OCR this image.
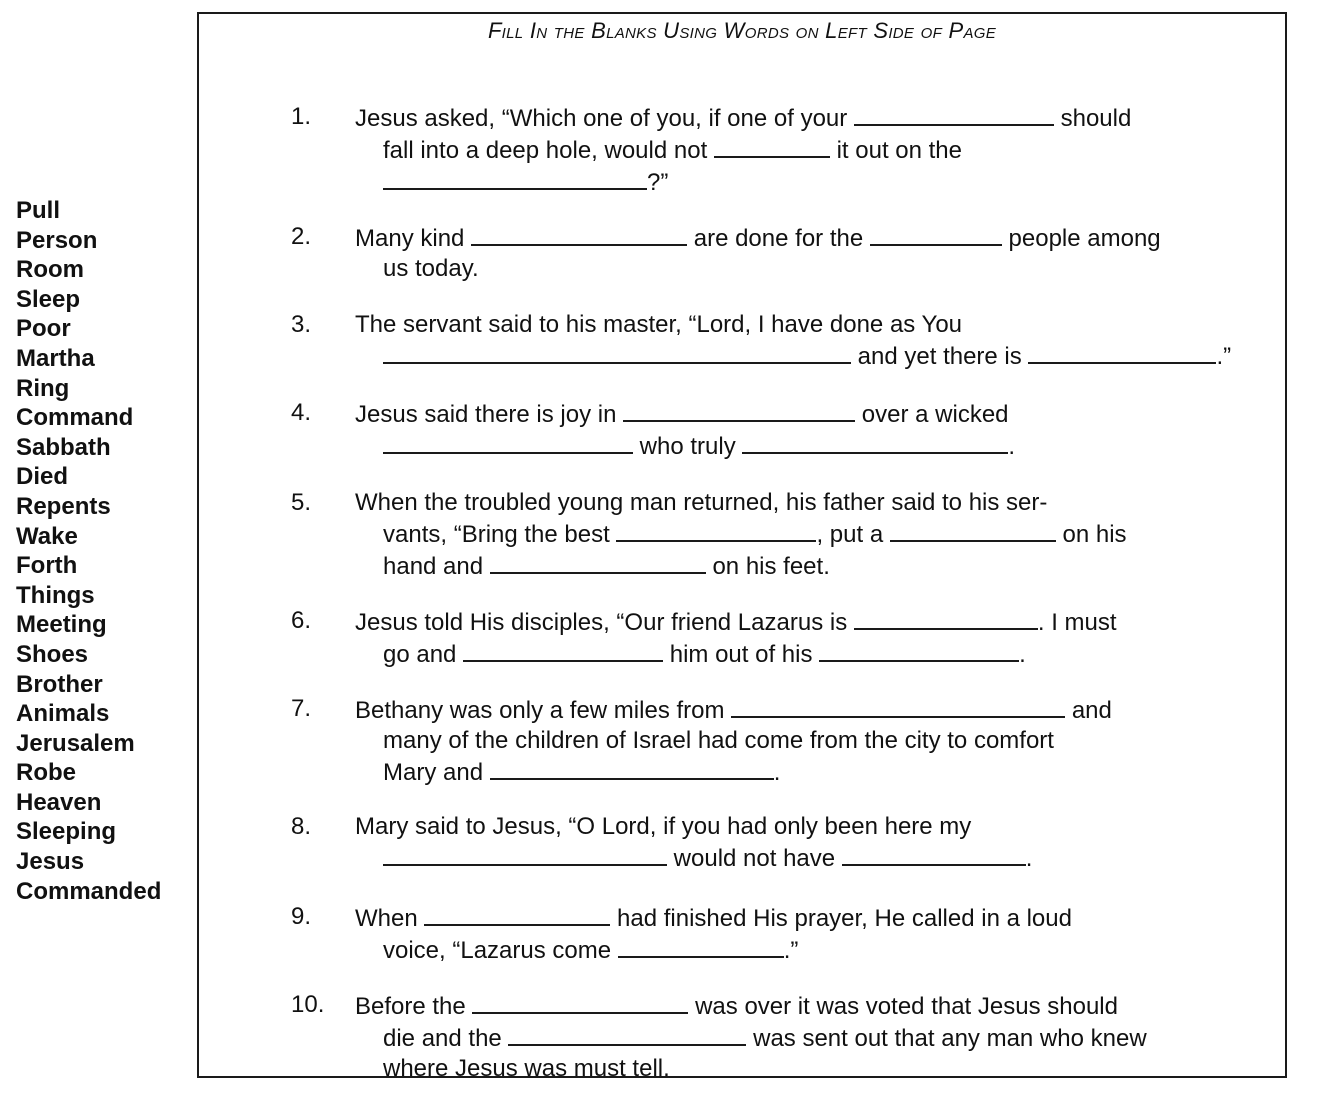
Pull
Person
Room
Sleep
Poor
Martha
Ring
Command
Sabbath
Died
Repents
Wake
Forth
Things
Meeting
Shoes
Brother
Animals
Jerusalem
Robe
Heaven
Sleeping
Jesus
Commanded
Fill In the Blanks Using Words on Left Side of Page
1.	Jesus asked, “Which one of you, if one of your	should
fall into a deep hole, would not	it out on the
?”
2.	Many kind	are done for the	people among
us today.
3.	The servant said to his master, “Lord, I have done as You
and yet there is	.”
4.	Jesus said there is joy in	over a wicked
who truly	.
5.	When the troubled young man returned, his father said to his ser-
vants, “Bring the best	, put a	on his
hand and	on his feet.
6.	Jesus told His disciples, “Our friend Lazarus is	. I must
go and	him out of his	.
7.	Bethany was only a few miles from	and
many of the children of Israel had come from the city to comfort
Mary and	.
8.	Mary said to Jesus, “O Lord, if you had only been here my
would not have	.
9.	When	had finished His prayer, He called in a loud
voice, “Lazarus come	.”
10.	Before the	was over it was voted that Jesus should
die and the	was sent out that any man who knew
where Jesus was must tell.
